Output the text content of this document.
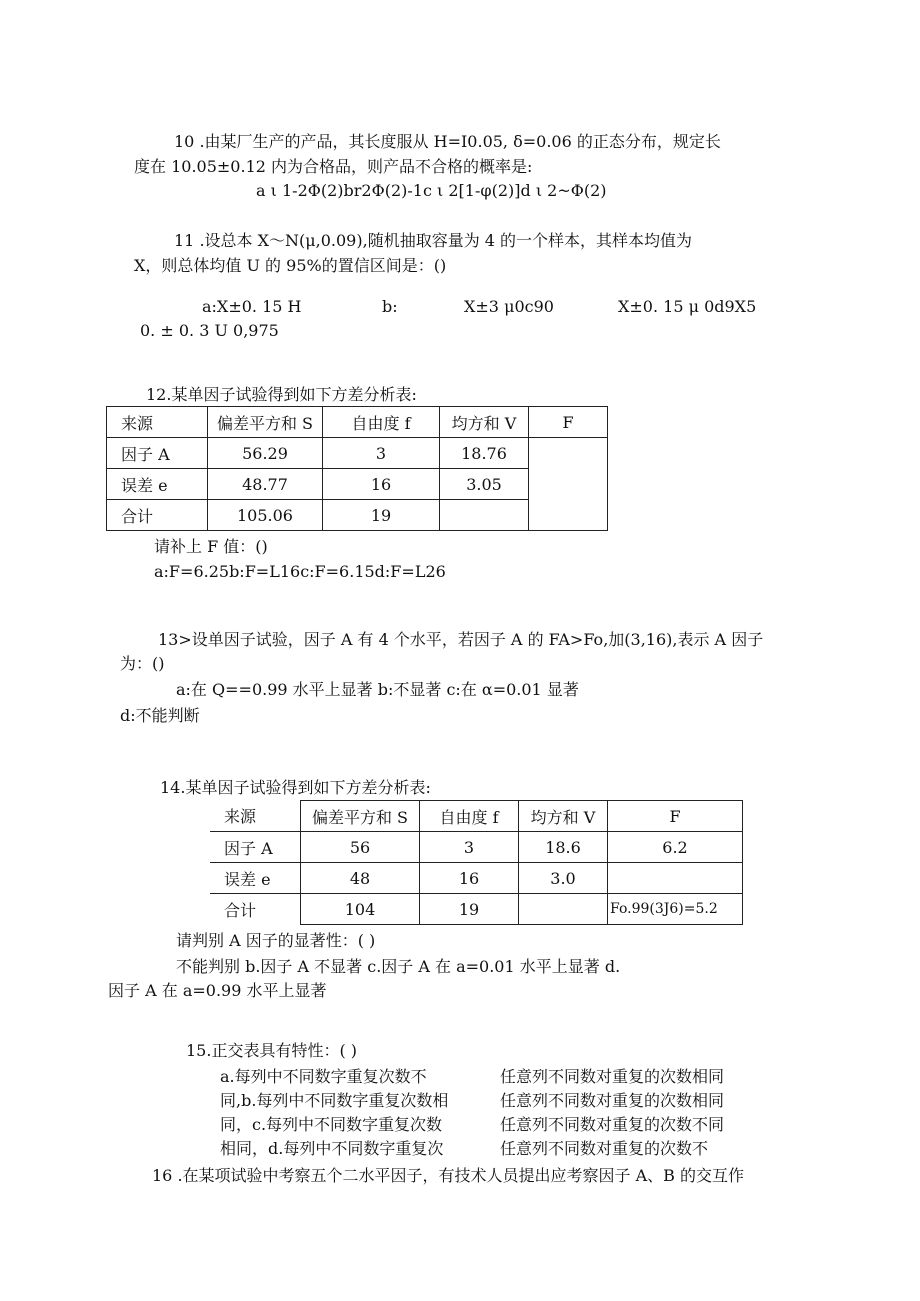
10 .由某厂生产的产品，其长度服从 H=I0.05, δ=0.06 的正态分布，规定长
度在 10.05±0.12 内为合格品，则产品不合格的概率是:
a ι 1-2Φ(2)br2Φ(2)-1c ι 2[1-φ(2)]d ι 2~Φ(2)
11 .设总本 X～N(μ,0.09),随机抽取容量为 4 的一个样本，其样本均值为
X，则总体均值 U 的 95%的置信区间是：()
a:X±0. 15 H	b:	X±3 μ0c90	X±0. 15 μ 0d9X5
0. ± 0. 3 U 0,975
12.某单因子试验得到如下方差分析表:
来源	偏差平方和 S	自由度 f	均方和 V	F
因子 A	56.29	3	18.76	
误差 e	48.77	16	3.05	
合计	105.06	19		
请补上 F 值：()
a:F=6.25b:F=L16c:F=6.15d:F=L26
13>设单因子试验，因子 A 有 4 个水平，若因子 A 的 FA>Fo,加(3,16),表示 A 因子
为：()
a:在 Q==0.99 水平上显著 b:不显著 c:在 α=0.01 显著
d:不能判断
14.某单因子试验得到如下方差分析表:
来源	偏差平方和 S	自由度 f	均方和 V	F
因子 A	56	3	18.6	6.2
误差 e	48	16	3.0	
合计	104	19		Fo.99(3J6)=5.2
请判别 A 因子的显著性：( )
不能判别 b.因子 A 不显著 c.因子 A 在 a=0.01 水平上显著 d.
因子 A 在 a=0.99 水平上显著
15.正交表具有特性：( )
a.每列中不同数字重复次数不	任意列不同数对重复的次数相同
同,b.每列中不同数字重复次数相	任意列不同数对重复的次数相同
同，c.每列中不同数字重复次数	任意列不同数对重复的次数不同
相同，d.每列中不同数字重复次	任意列不同数对重复的次数不
16 .在某项试验中考察五个二水平因子，有技术人员提出应考察因子 A、B 的交互作
